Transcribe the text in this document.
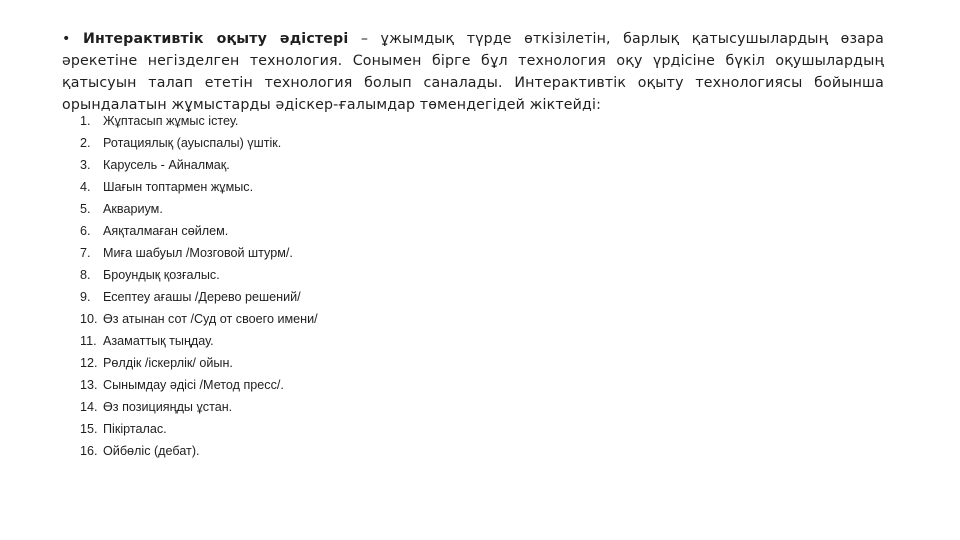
• Интерактивтік оқыту әдістері – ұжымдық түрде өткізілетін, барлық қатысушылардың өзара әрекетіне негізделген технология. Сонымен бірге бұл технология оқу үрдісіне бүкіл оқушылардың қатысуын талап ететін технология болып саналады. Интерактивтік оқыту технологиясы бойынша орындалатын жұмыстарды әдіскер-ғалымдар төмендегідей жіктейді:

1. Жұптасып жұмыс істеу.
2. Ротациялық (ауыспалы) үштік.
3. Карусель - Айналмақ.
4. Шағын топтармен жұмыс.
5. Аквариум.
6. Аяқталмаған сөйлем.
7. Миға шабуыл /Мозговой штурм/.
8. Броундық қозғалыс.
9. Есептеу ағашы /Дерево решений/
10. Өз атынан сот /Суд от своего имени/
11. Азаматтық тыңдау.
12. Рөлдік /іскерлік/ ойын.
13. Сынымдау әдісі /Метод пресс/.
14. Өз позицияңды ұстан.
15. Пікірталас.
16. Ойбөліс (дебат).
